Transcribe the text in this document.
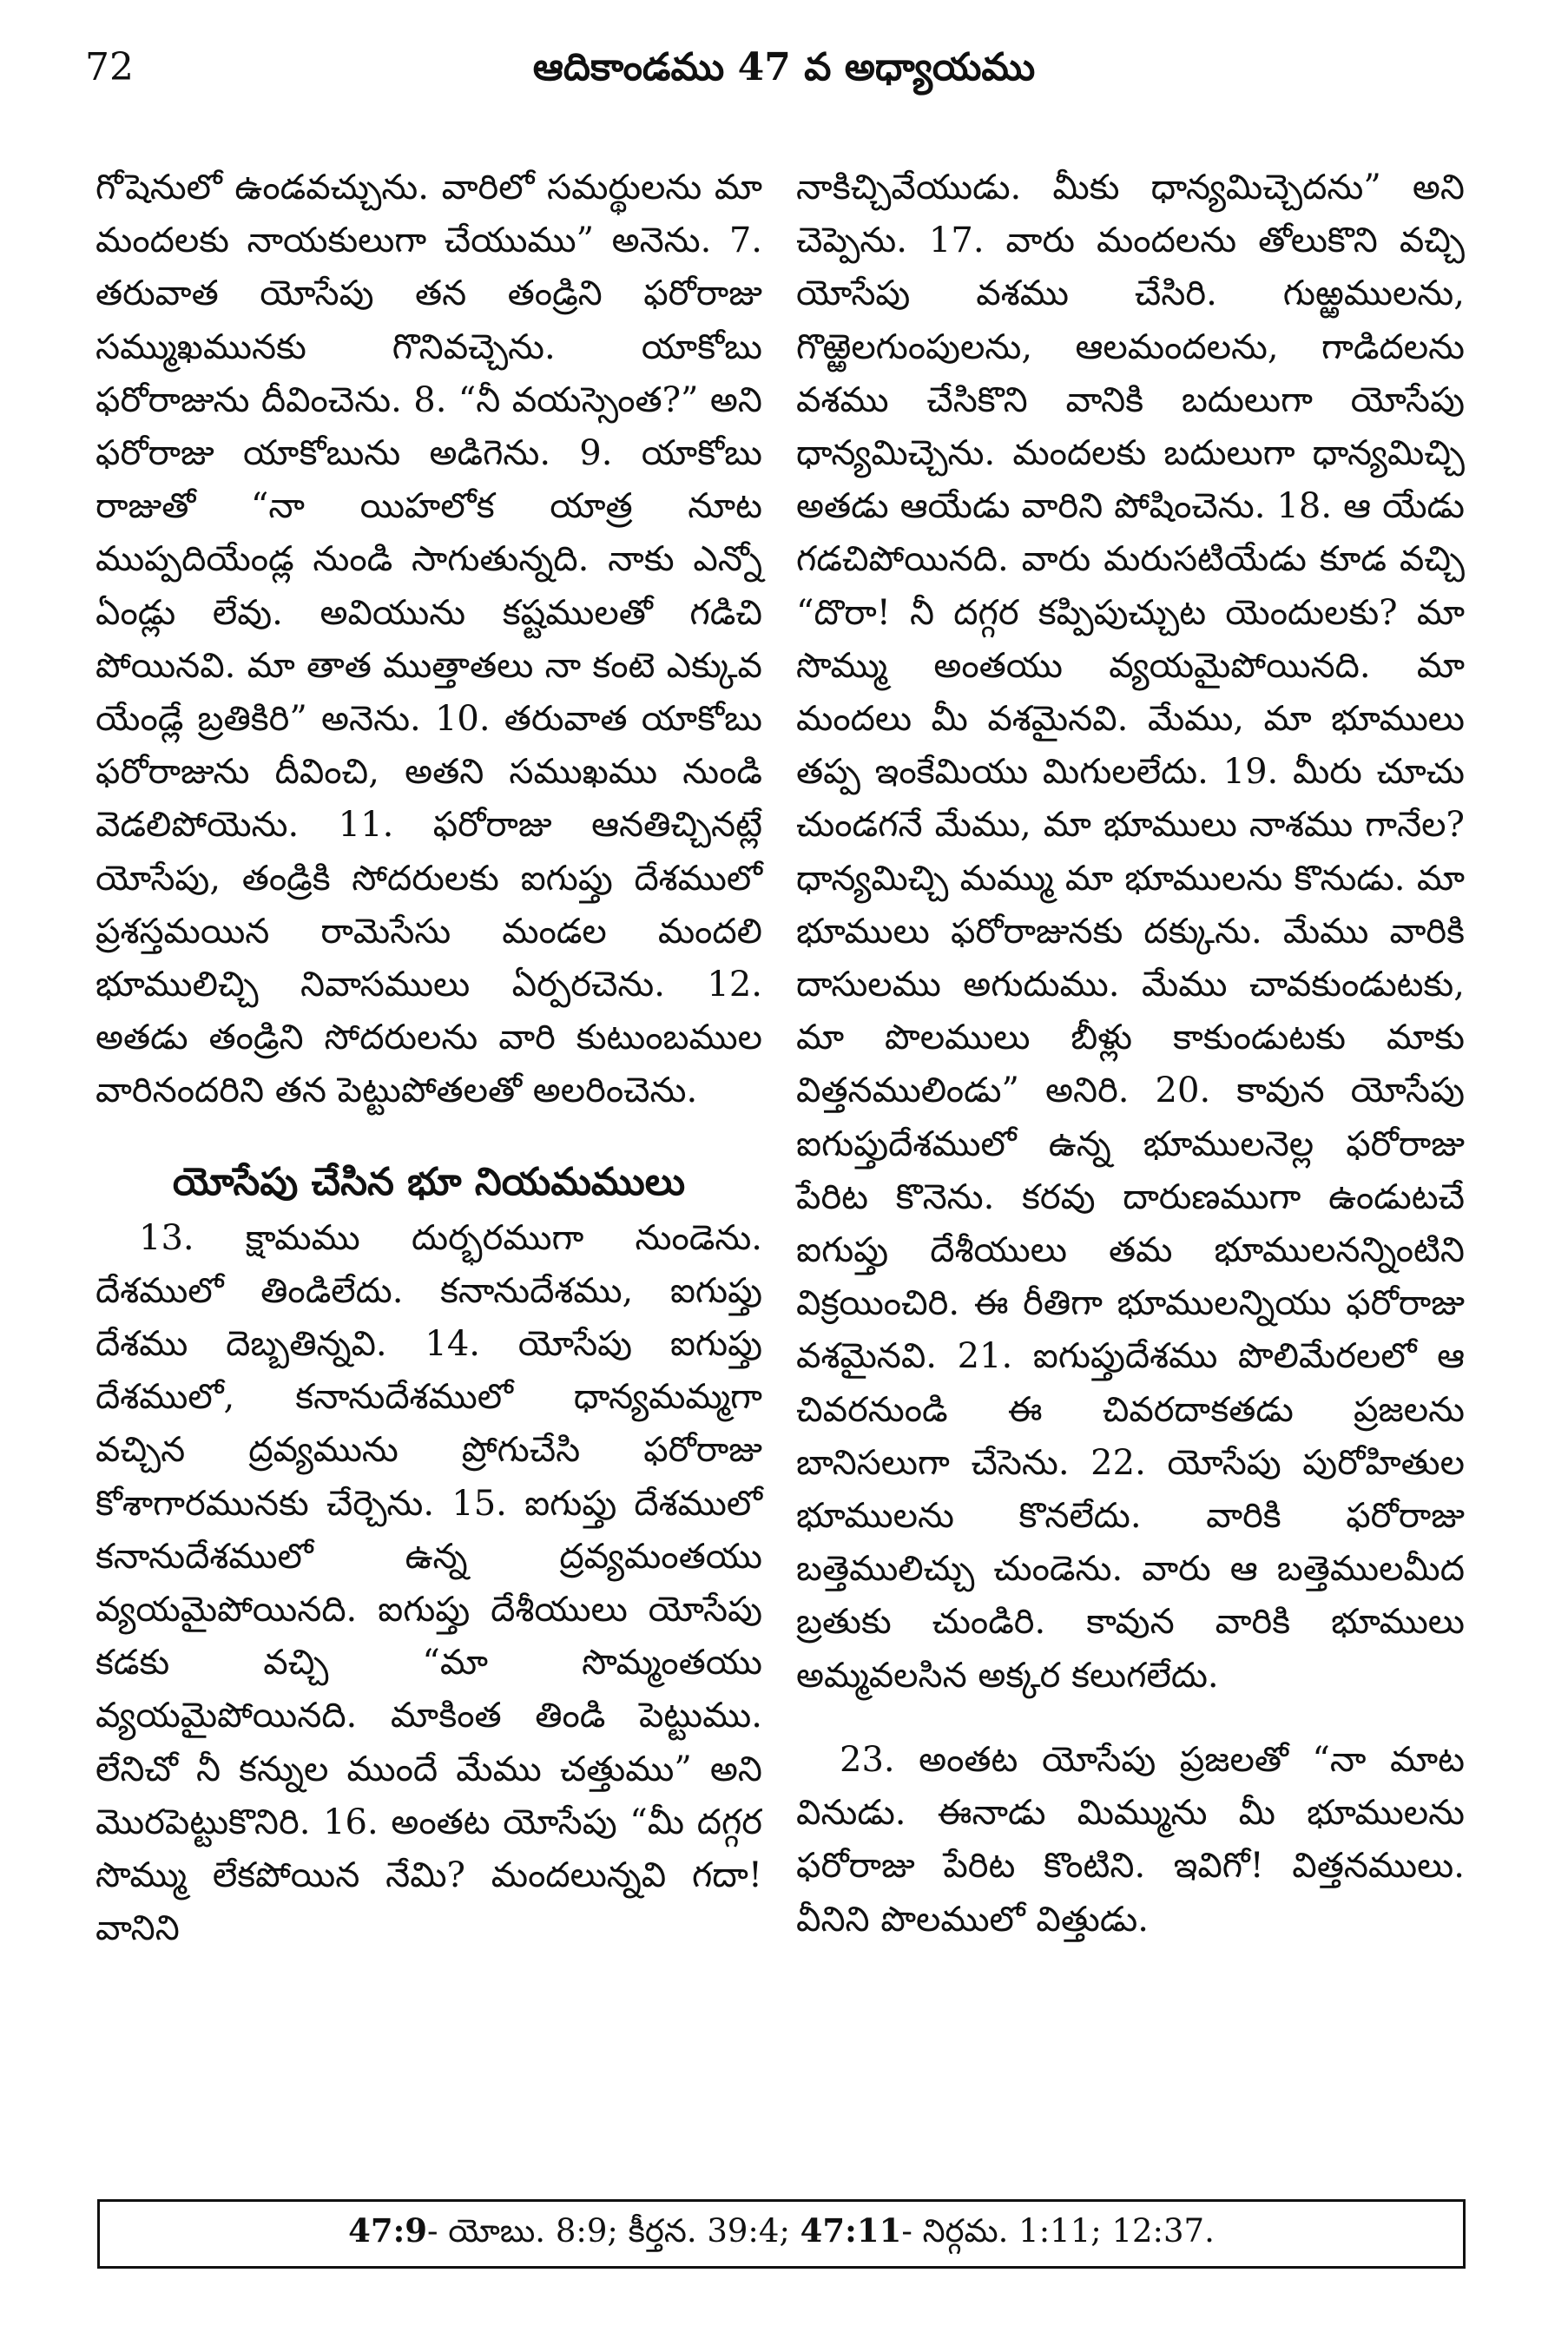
72	ఆదికాండము 47 వ అధ్యాయము

గోషెనులో ఉండవచ్చును. వారిలో సమర్థులను మా మందలకు నాయకులుగా చేయుము” అనెను. 7. తరువాత యోసేపు తన తండ్రిని ఫరోరాజు సమ్ముఖమునకు గొనివచ్చెను. యాకోబు ఫరోరాజును దీవించెను. 8. “నీ వయస్సెంత?” అని ఫరోరాజు యాకోబును అడిగెను. 9. యాకోబు రాజుతో “నా యిహలోక యాత్ర నూట ముప్పదియేండ్ల నుండి సాగుతున్నది. నాకు ఎన్నో ఏండ్లు లేవు. అవియును కష్టములతో గడిచి పోయినవి. మా తాత ముత్తాతలు నా కంటె ఎక్కువ యేండ్లే బ్రతికిరి” అనెను. 10. తరువాత యాకోబు ఫరోరాజును దీవించి, అతని సముఖము నుండి వెడలిపోయెను. 11. ఫరోరాజు ఆనతిచ్చినట్లే యోసేపు, తండ్రికి సోదరులకు ఐగుప్తు దేశములో ప్రశస్తమయిన రామెసేసు మండల మందలి భూములిచ్చి నివాసములు ఏర్పరచెను. 12. అతడు తండ్రిని సోదరులను వారి కుటుంబముల వారినందరిని తన పెట్టుపోతలతో అలరించెను.

యోసేపు చేసిన భూ నియమములు

13. క్షామము దుర్భరముగా నుండెను. దేశములో తిండిలేదు. కనానుదేశము, ఐగుప్తు దేశము దెబ్బతిన్నవి. 14. యోసేపు ఐగుప్తు దేశములో, కనానుదేశములో ధాన్యమమ్మగా వచ్చిన ద్రవ్యమును ప్రోగుచేసి ఫరోరాజు కోశాగారమునకు చేర్చెను. 15. ఐగుప్తు దేశములో కనానుదేశములో ఉన్న ద్రవ్యమంతయు వ్యయమైపోయినది. ఐగుప్తు దేశీయులు యోసేపు కడకు వచ్చి “మా సొమ్మంతయు వ్యయమైపోయినది. మాకింత తిండి పెట్టుము. లేనిచో నీ కన్నుల ముందే మేము చత్తుము” అని మొరపెట్టుకొనిరి. 16. అంతట యోసేపు “మీ దగ్గర సొమ్ము లేకపోయిన నేమి? మందలున్నవి గదా! వానిని

నాకిచ్చివేయుడు. మీకు ధాన్యమిచ్చెదను” అని చెప్పెను. 17. వారు మందలను తోలుకొని వచ్చి యోసేపు వశము చేసిరి. గుఱ్ఱములను, గొఱ్ఱెలగుంపులను, ఆలమందలను, గాడిదలను వశము చేసికొని వానికి బదులుగా యోసేపు ధాన్యమిచ్చెను. మందలకు బదులుగా ధాన్యమిచ్చి అతడు ఆయేడు వారిని పోషించెను. 18. ఆ యేడు గడచిపోయినది. వారు మరుసటియేడు కూడ వచ్చి “దొరా! నీ దగ్గర కప్పిపుచ్చుట యెందులకు? మా సొమ్ము అంతయు వ్యయమైపోయినది. మా మందలు మీ వశమైనవి. మేము, మా భూములు తప్ప ఇంకేమియు మిగులలేదు. 19. మీరు చూచు చుండగనే మేము, మా భూములు నాశము గానేల? ధాన్యమిచ్చి మమ్ము మా భూములను కొనుడు. మా భూములు ఫరోరాజునకు దక్కును. మేము వారికి దాసులము అగుదుము. మేము చావకుండుటకు, మా పొలములు బీళ్లు కాకుండుటకు మాకు విత్తనములిండు” అనిరి. 20. కావున యోసేపు ఐగుప్తుదేశములో ఉన్న భూములనెల్ల ఫరోరాజు పేరిట కొనెను. కరవు దారుణముగా ఉండుటచే ఐగుప్తు దేశీయులు తమ భూములనన్నింటిని విక్రయించిరి. ఈ రీతిగా భూములన్నియు ఫరోరాజు వశమైనవి. 21. ఐగుప్తుదేశము పొలిమేరలలో ఆ చివరనుండి ఈ చివరదాకతడు ప్రజలను బానిసలుగా చేసెను. 22. యోసేపు పురోహితుల భూములను కొనలేదు. వారికి ఫరోరాజు బత్తెములిచ్చు చుండెను. వారు ఆ బత్తెములమీద బ్రతుకు చుండిరి. కావున వారికి భూములు అమ్మవలసిన అక్కర కలుగలేదు.

23. అంతట యోసేపు ప్రజలతో “నా మాట వినుడు. ఈనాడు మిమ్మును మీ భూములను ఫరోరాజు పేరిట కొంటిని. ఇవిగో! విత్తనములు. వీనిని పొలములో విత్తుడు.

47:9- యోబు. 8:9; కీర్తన. 39:4; 47:11- నిర్గమ. 1:11; 12:37.
